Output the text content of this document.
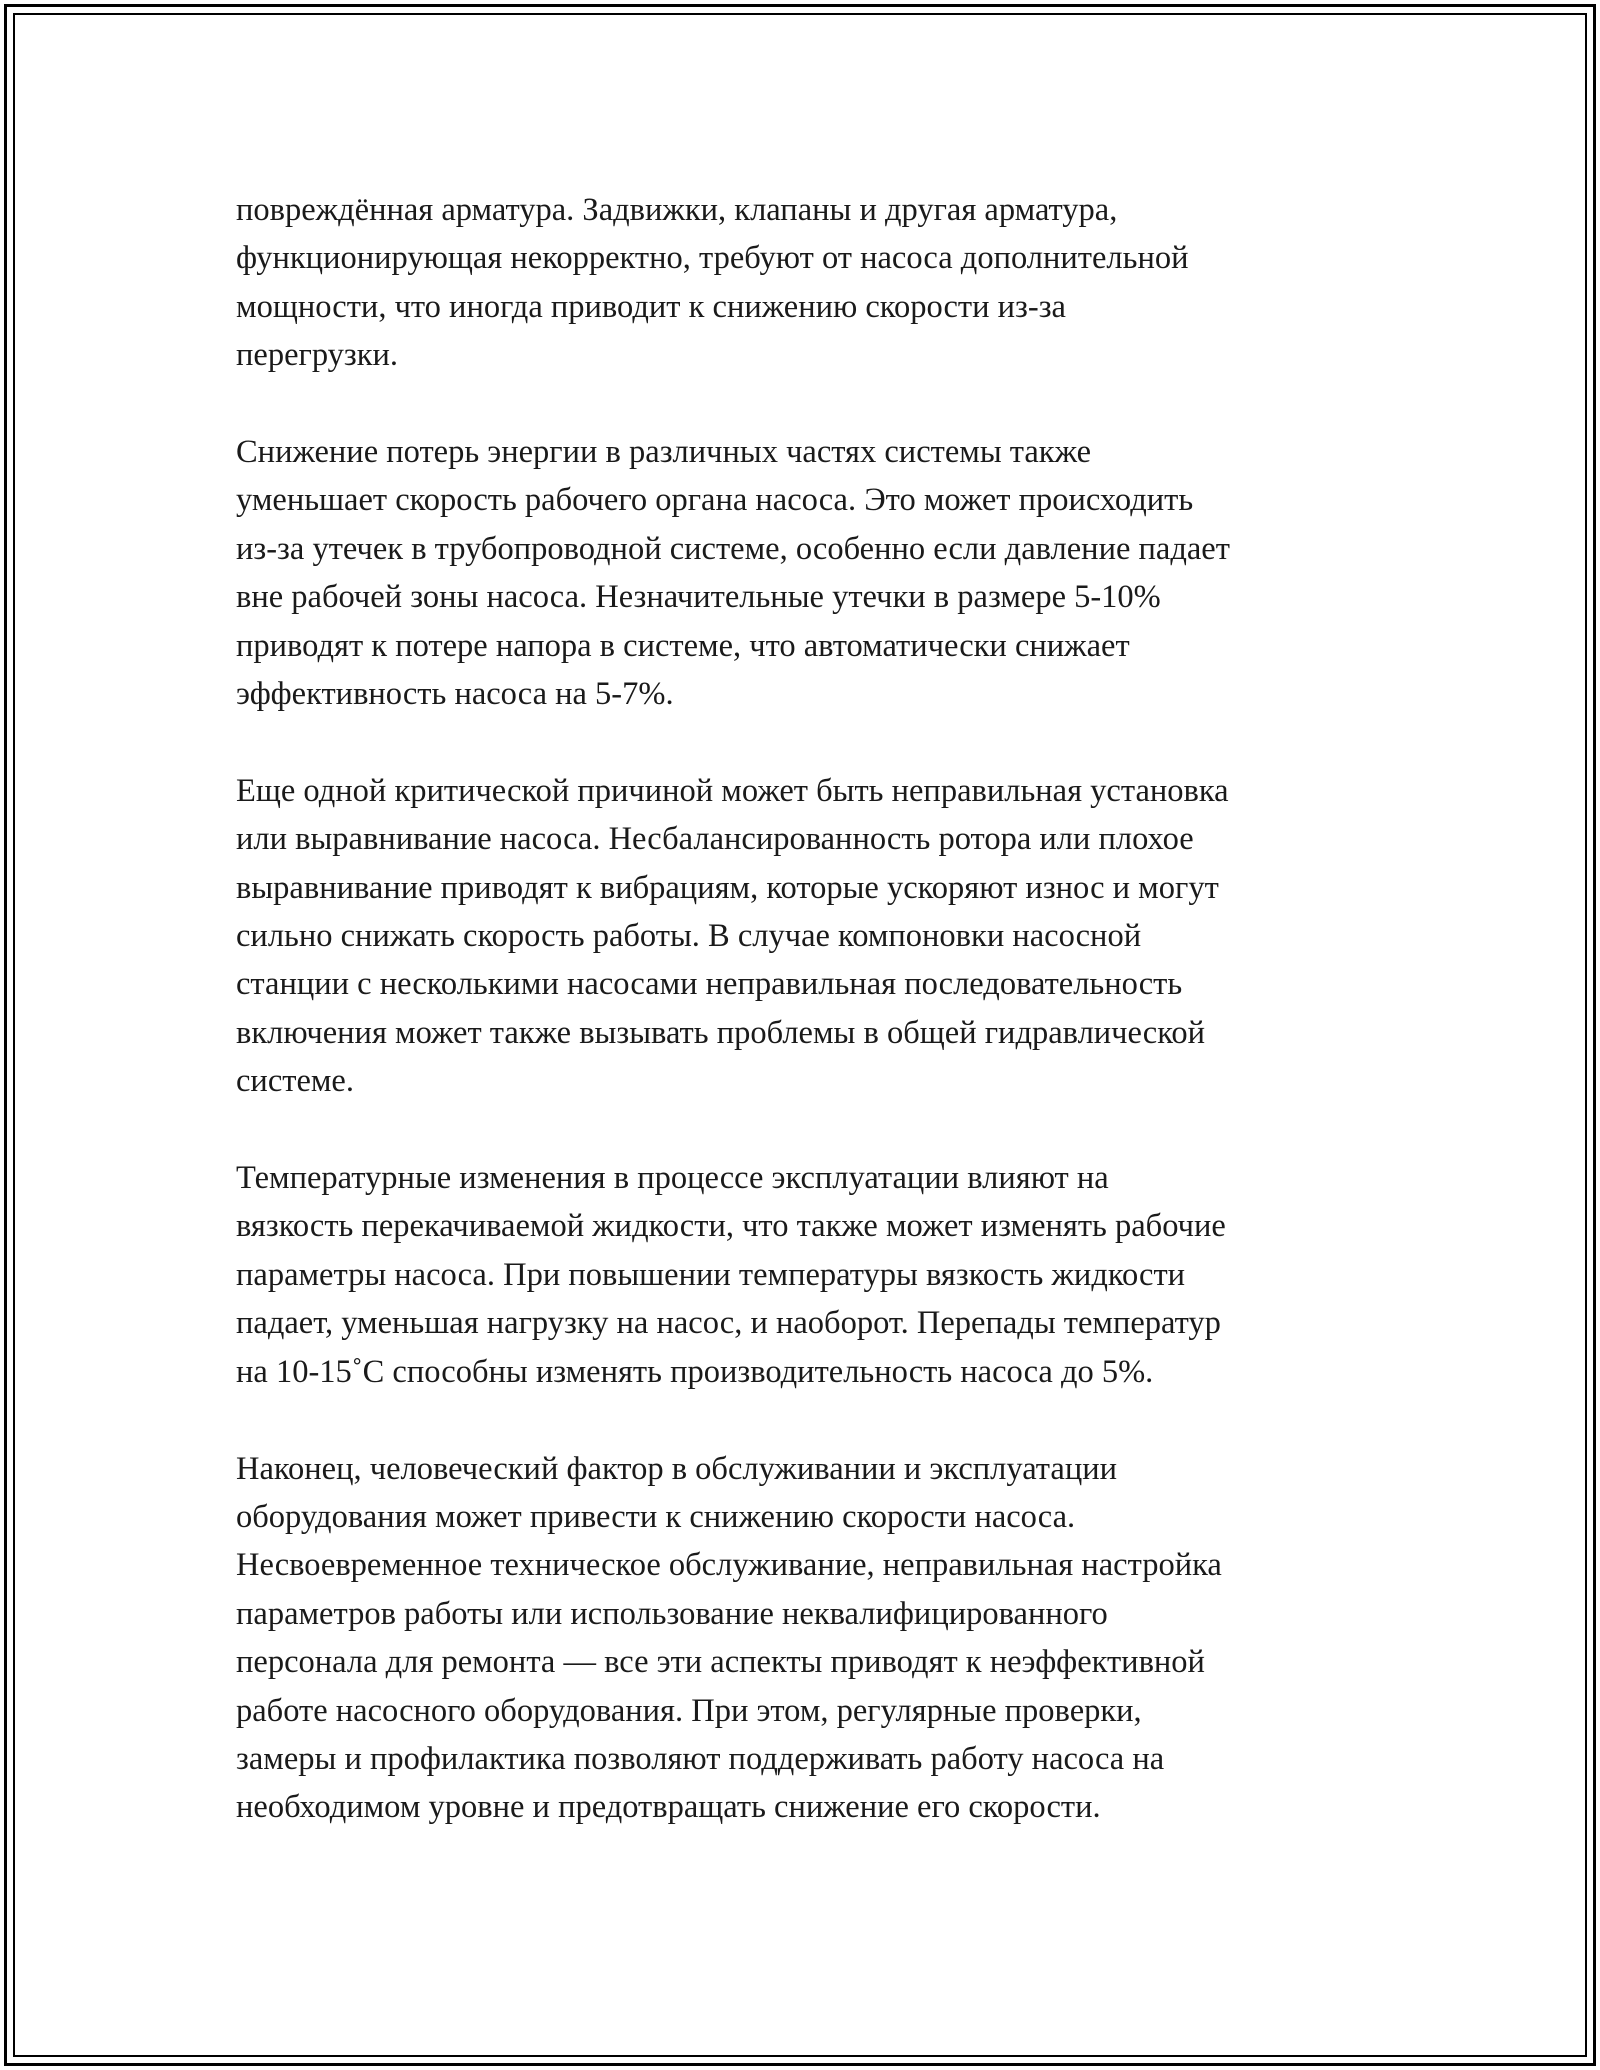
повреждённая арматура. Задвижки, клапаны и другая арматура,
функционирующая некорректно, требуют от насоса дополнительной
мощности, что иногда приводит к снижению скорости из-за
перегрузки.

Снижение потерь энергии в различных частях системы также
уменьшает скорость рабочего органа насоса. Это может происходить
из-за утечек в трубопроводной системе, особенно если давление падает
вне рабочей зоны насоса. Незначительные утечки в размере 5-10%
приводят к потере напора в системе, что автоматически снижает
эффективность насоса на 5-7%.

Еще одной критической причиной может быть неправильная установка
или выравнивание насоса. Несбалансированность ротора или плохое
выравнивание приводят к вибрациям, которые ускоряют износ и могут
сильно снижать скорость работы. В случае компоновки насосной
станции с несколькими насосами неправильная последовательность
включения может также вызывать проблемы в общей гидравлической
системе.

Температурные изменения в процессе эксплуатации влияют на
вязкость перекачиваемой жидкости, что также может изменять рабочие
параметры насоса. При повышении температуры вязкость жидкости
падает, уменьшая нагрузку на насос, и наоборот. Перепады температур
на 10-15˚С способны изменять производительность насоса до 5%.

Наконец, человеческий фактор в обслуживании и эксплуатации
оборудования может привести к снижению скорости насоса.
Несвоевременное техническое обслуживание, неправильная настройка
параметров работы или использование неквалифицированного
персонала для ремонта — все эти аспекты приводят к неэффективной
работе насосного оборудования. При этом, регулярные проверки,
замеры и профилактика позволяют поддерживать работу насоса на
необходимом уровне и предотвращать снижение его скорости.
